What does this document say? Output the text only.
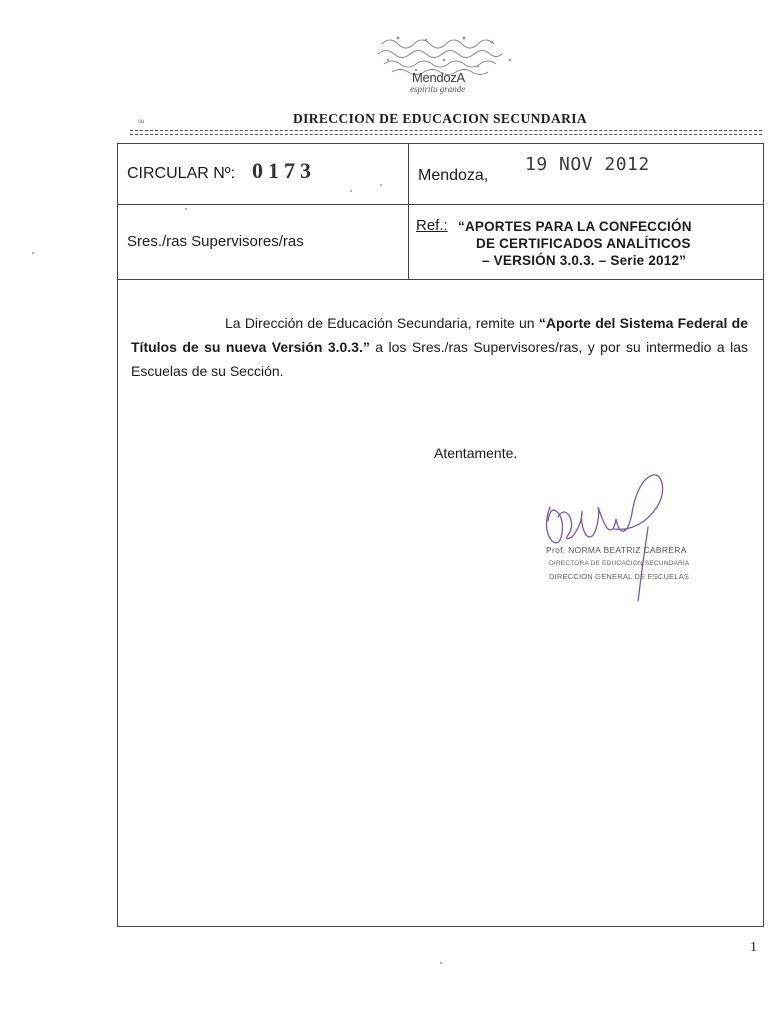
MendozA
espíritu grande
su	DIRECCION DE EDUCACION SECUNDARIA
CIRCULAR Nº: 0173	Mendoza,
19 NOV 2012
Sres./ras Supervisores/ras
Ref.: “APORTES PARA LA CONFECCIÓN
DE CERTIFICADOS ANALÍTICOS
– VERSIÓN 3.0.3. – Serie 2012”

La Dirección de Educación Secundaria, remite un “Aporte del Sistema Federal de Títulos de su nueva Versión 3.0.3.” a los Sres./ras Supervisores/ras, y por su intermedio a las Escuelas de su Sección.

Atentamente.
Prof. NORMA BEATRIZ CABRERA
DIRECTORA DE EDUCACION SECUNDARIA
DIRECCION GENERAL DE ESCUELAS
1
